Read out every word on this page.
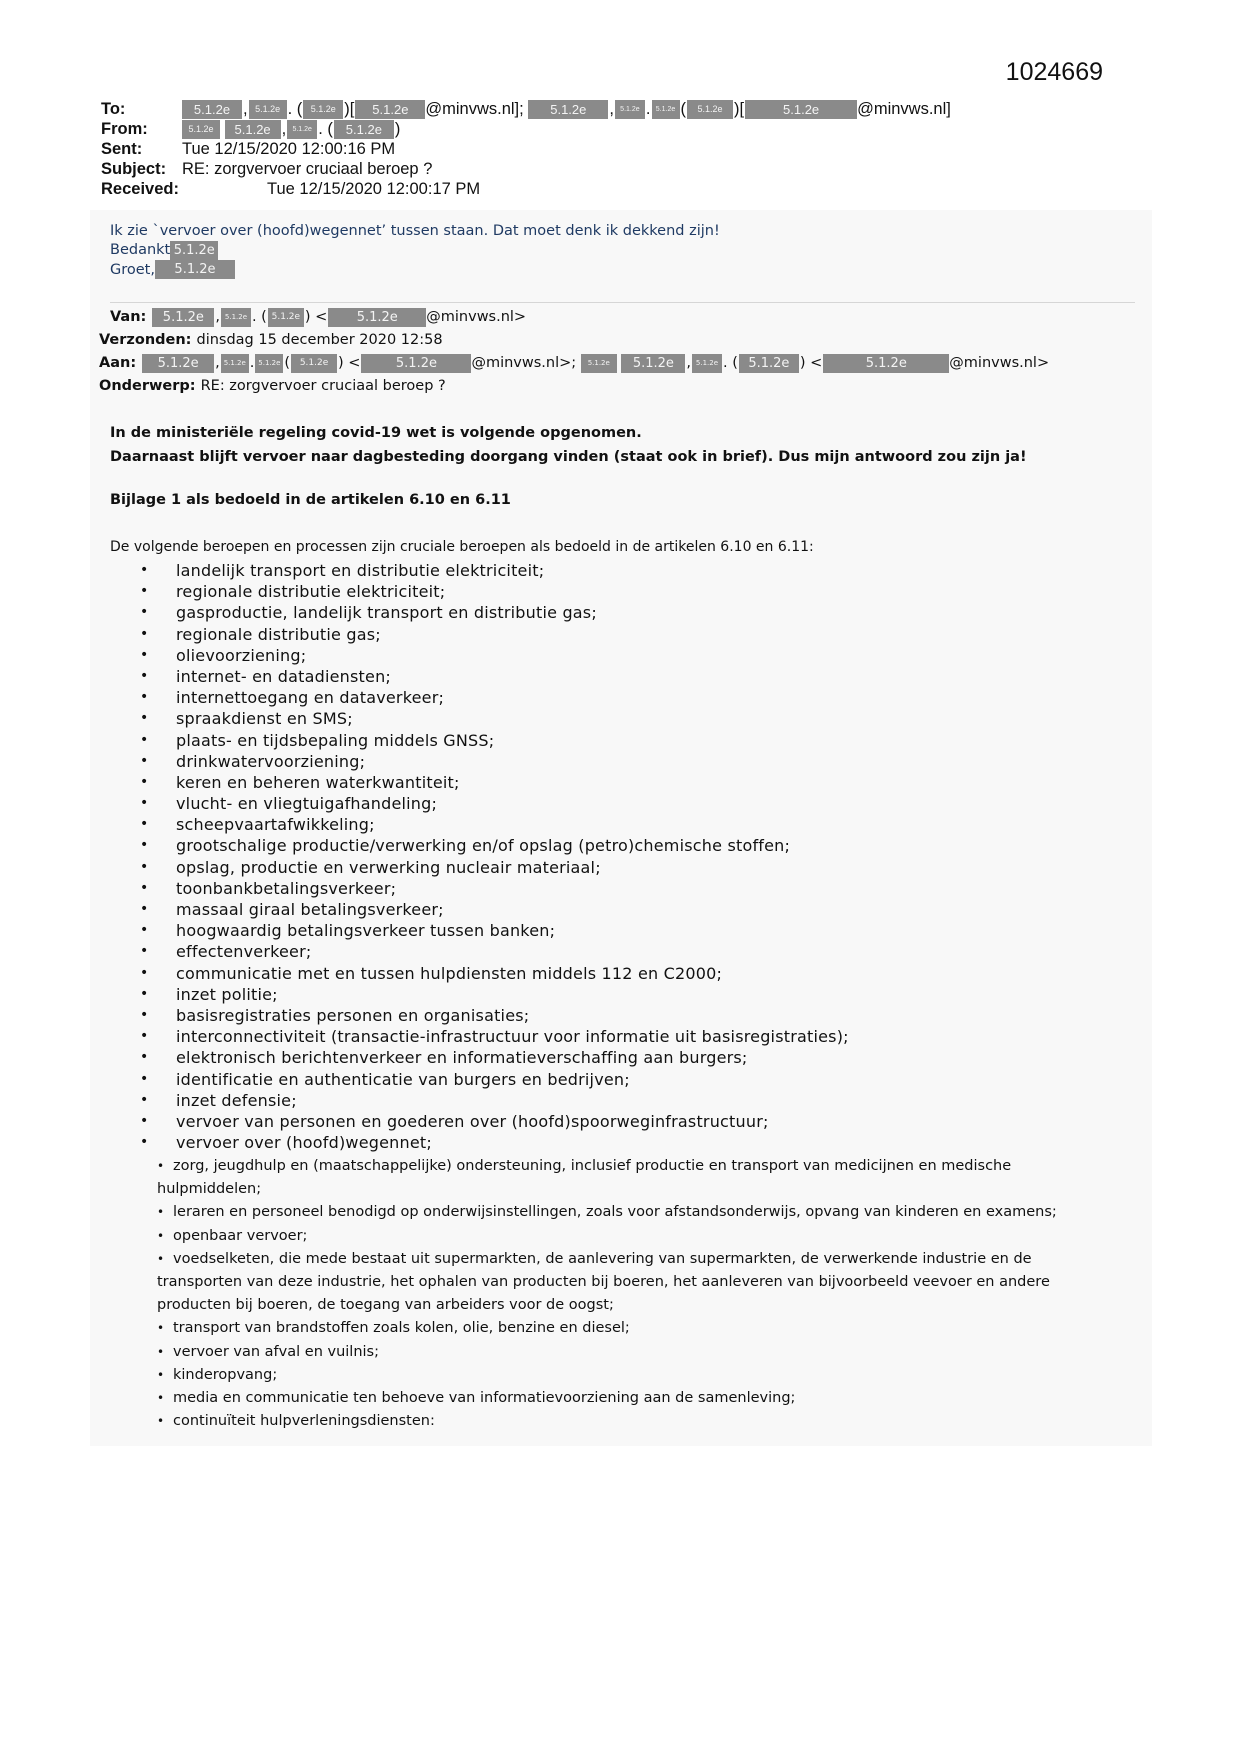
1024669
To:	5.1.2e , 5.1.2e . ( 5.1.2e )[	5.1.2e	@minvws.nl];
	5.1.2e	, 5.1.2e . 5.1.2e (	5.1.2e )[	5.1.2e	@minvws.nl]
From:	5.1.2e
	5.1.2e , 5.1.2e . ( 5.1.2e )
Sent:	Tue 12/15/2020 12:00:16 PM
Subject: RE: zorgvervoer cruciaal beroep ?
Received:	Tue 12/15/2020 12:00:17 PM
Ik zie `vervoer over (hoofd)wegennet’ tussen staan. Dat moet denk ik dekkend zijn!
Bedankt 5.1.2e
Groet,	5.1.2e
Van:	5.1.2e , 5.1.2e . ( 5.1.2e ) <	5.1.2e	@minvws.nl>
Verzonden: dinsdag 15 december 2020 12:58
Aan:	5.1.2e	, 5.1.2e . 5.1.2e (	5.1.2e ) <	5.1.2e	@minvws.nl>;
	5.1.2e
	5.1.2e , 5.1.2e . ( 5.1.2e ) <	5.1.2e	@minvws.nl>
Onderwerp: RE: zorgvervoer cruciaal beroep ?
In de ministeriële regeling covid-19 wet is volgende opgenomen.
Daarnaast blijft vervoer naar dagbesteding doorgang vinden (staat ook in brief). Dus mijn antwoord zou zijn ja!
Bijlage 1 als bedoeld in de artikelen 6.10 en 6.11
De volgende beroepen en processen zijn cruciale beroepen als bedoeld in de artikelen 6.10 en 6.11:
•	landelijk transport en distributie elektriciteit;
•	regionale distributie elektriciteit;
•	gasproductie, landelijk transport en distributie gas;
•	regionale distributie gas;
•	olievoorziening;
•	internet- en datadiensten;
•	internettoegang en dataverkeer;
•	spraakdienst en SMS;
•	plaats- en tijdsbepaling middels GNSS;
•	drinkwatervoorziening;
•	keren en beheren waterkwantiteit;
•	vlucht- en vliegtuigafhandeling;
•	scheepvaartafwikkeling;
•	grootschalige productie/verwerking en/of opslag (petro)chemische stoffen;
•	opslag, productie en verwerking nucleair materiaal;
•	toonbankbetalingsverkeer;
•	massaal giraal betalingsverkeer;
•	hoogwaardig betalingsverkeer tussen banken;
•	effectenverkeer;
•	communicatie met en tussen hulpdiensten middels 112 en C2000;
•	inzet politie;
•	basisregistraties personen en organisaties;
•	interconnectiviteit (transactie-infrastructuur voor informatie uit basisregistraties);
•	elektronisch berichtenverkeer en informatieverschaffing aan burgers;
•	identificatie en authenticatie van burgers en bedrijven;
•	inzet defensie;
•	vervoer van personen en goederen over (hoofd)spoorweginfrastructuur;
•	vervoer over (hoofd)wegennet;
• zorg, jeugdhulp en (maatschappelijke) ondersteuning, inclusief productie en transport van medicijnen en medische hulpmiddelen;
• leraren en personeel benodigd op onderwijsinstellingen, zoals voor afstandsonderwijs, opvang van kinderen en examens;
• openbaar vervoer;
• voedselketen, die mede bestaat uit supermarkten, de aanlevering van supermarkten, de verwerkende industrie en de transporten van deze industrie, het ophalen van producten bij boeren, het aanleveren van bijvoorbeeld veevoer en andere producten bij boeren, de toegang van arbeiders voor de oogst;
• transport van brandstoffen zoals kolen, olie, benzine en diesel;
• vervoer van afval en vuilnis;
• kinderopvang;
• media en communicatie ten behoeve van informatievoorziening aan de samenleving;
• continuïteit hulpverleningsdiensten:
